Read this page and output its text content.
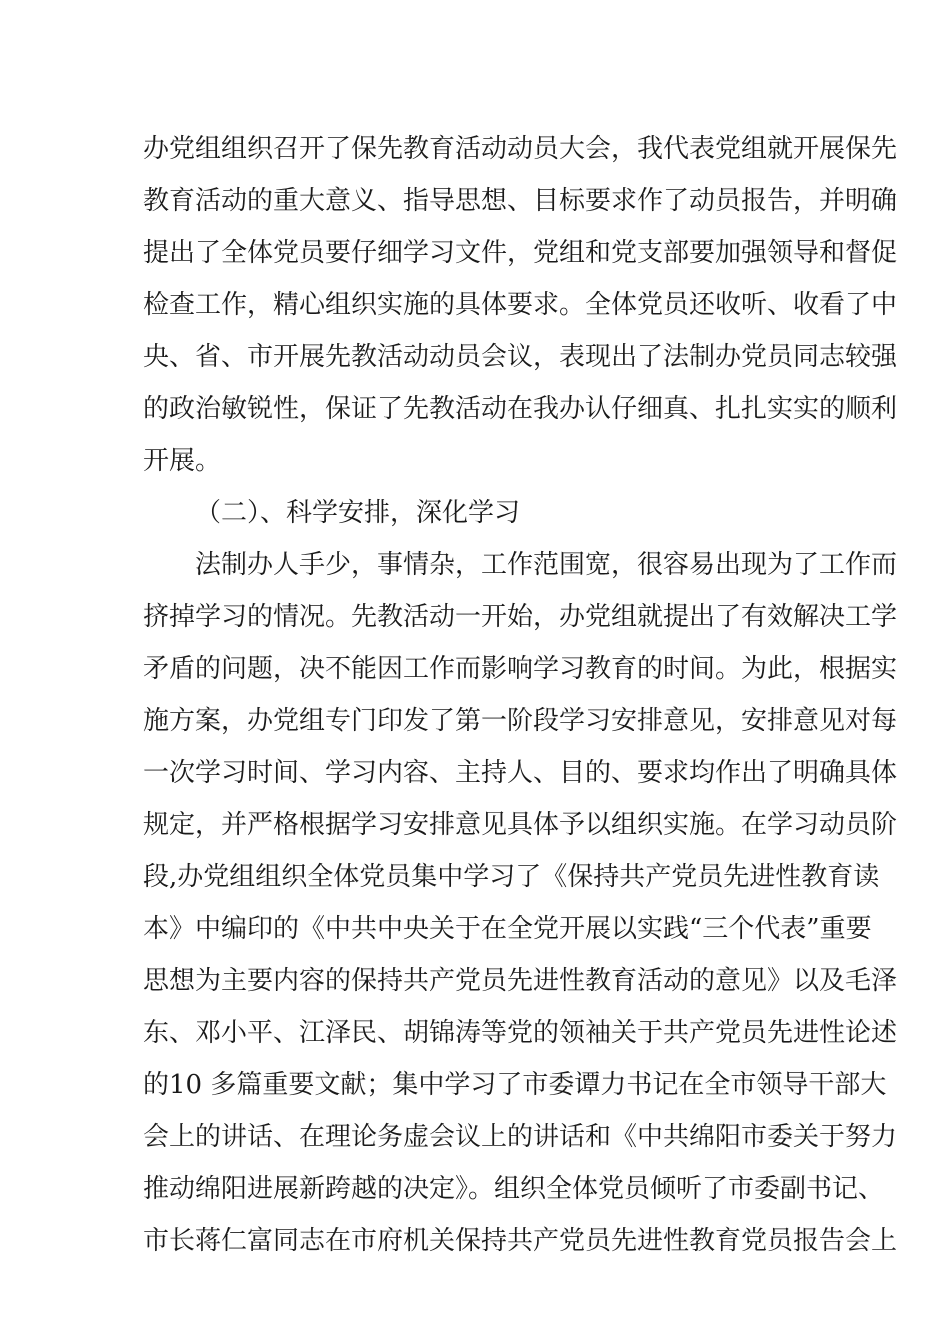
办党组组织召开了保先教育活动动员大会，我代表党组就开展保先
教育活动的重大意义、指导思想、目标要求作了动员报告，并明确
提出了全体党员要仔细学习文件，党组和党支部要加强领导和督促
检查工作，精心组织实施的具体要求。全体党员还收听、收看了中
央、省、市开展先教活动动员会议，表现出了法制办党员同志较强
的政治敏锐性，保证了先教活动在我办认仔细真、扎扎实实的顺利
开展。
（二）、科学安排，深化学习
法制办人手少，事情杂，工作范围宽，很容易出现为了工作而
挤掉学习的情况。先教活动一开始，办党组就提出了有效解决工学
矛盾的问题，决不能因工作而影响学习教育的时间。为此，根据实
施方案，办党组专门印发了第一阶段学习安排意见，安排意见对每
一次学习时间、学习内容、主持人、目的、要求均作出了明确具体
规定，并严格根据学习安排意见具体予以组织实施。在学习动员阶
段,办党组组织全体党员集中学习了《保持共产党员先进性教育读
本》中编印的《中共中央关于在全党开展以实践“三个代表”重要
思想为主要内容的保持共产党员先进性教育活动的意见》以及毛泽
东、邓小平、江泽民、胡锦涛等党的领袖关于共产党员先进性论述
的10 多篇重要文献；集中学习了市委谭力书记在全市领导干部大
会上的讲话、在理论务虚会议上的讲话和《中共绵阳市委关于努力
推动绵阳进展新跨越的决定》。组织全体党员倾听了市委副书记、
市长蒋仁富同志在市府机关保持共产党员先进性教育党员报告会上
